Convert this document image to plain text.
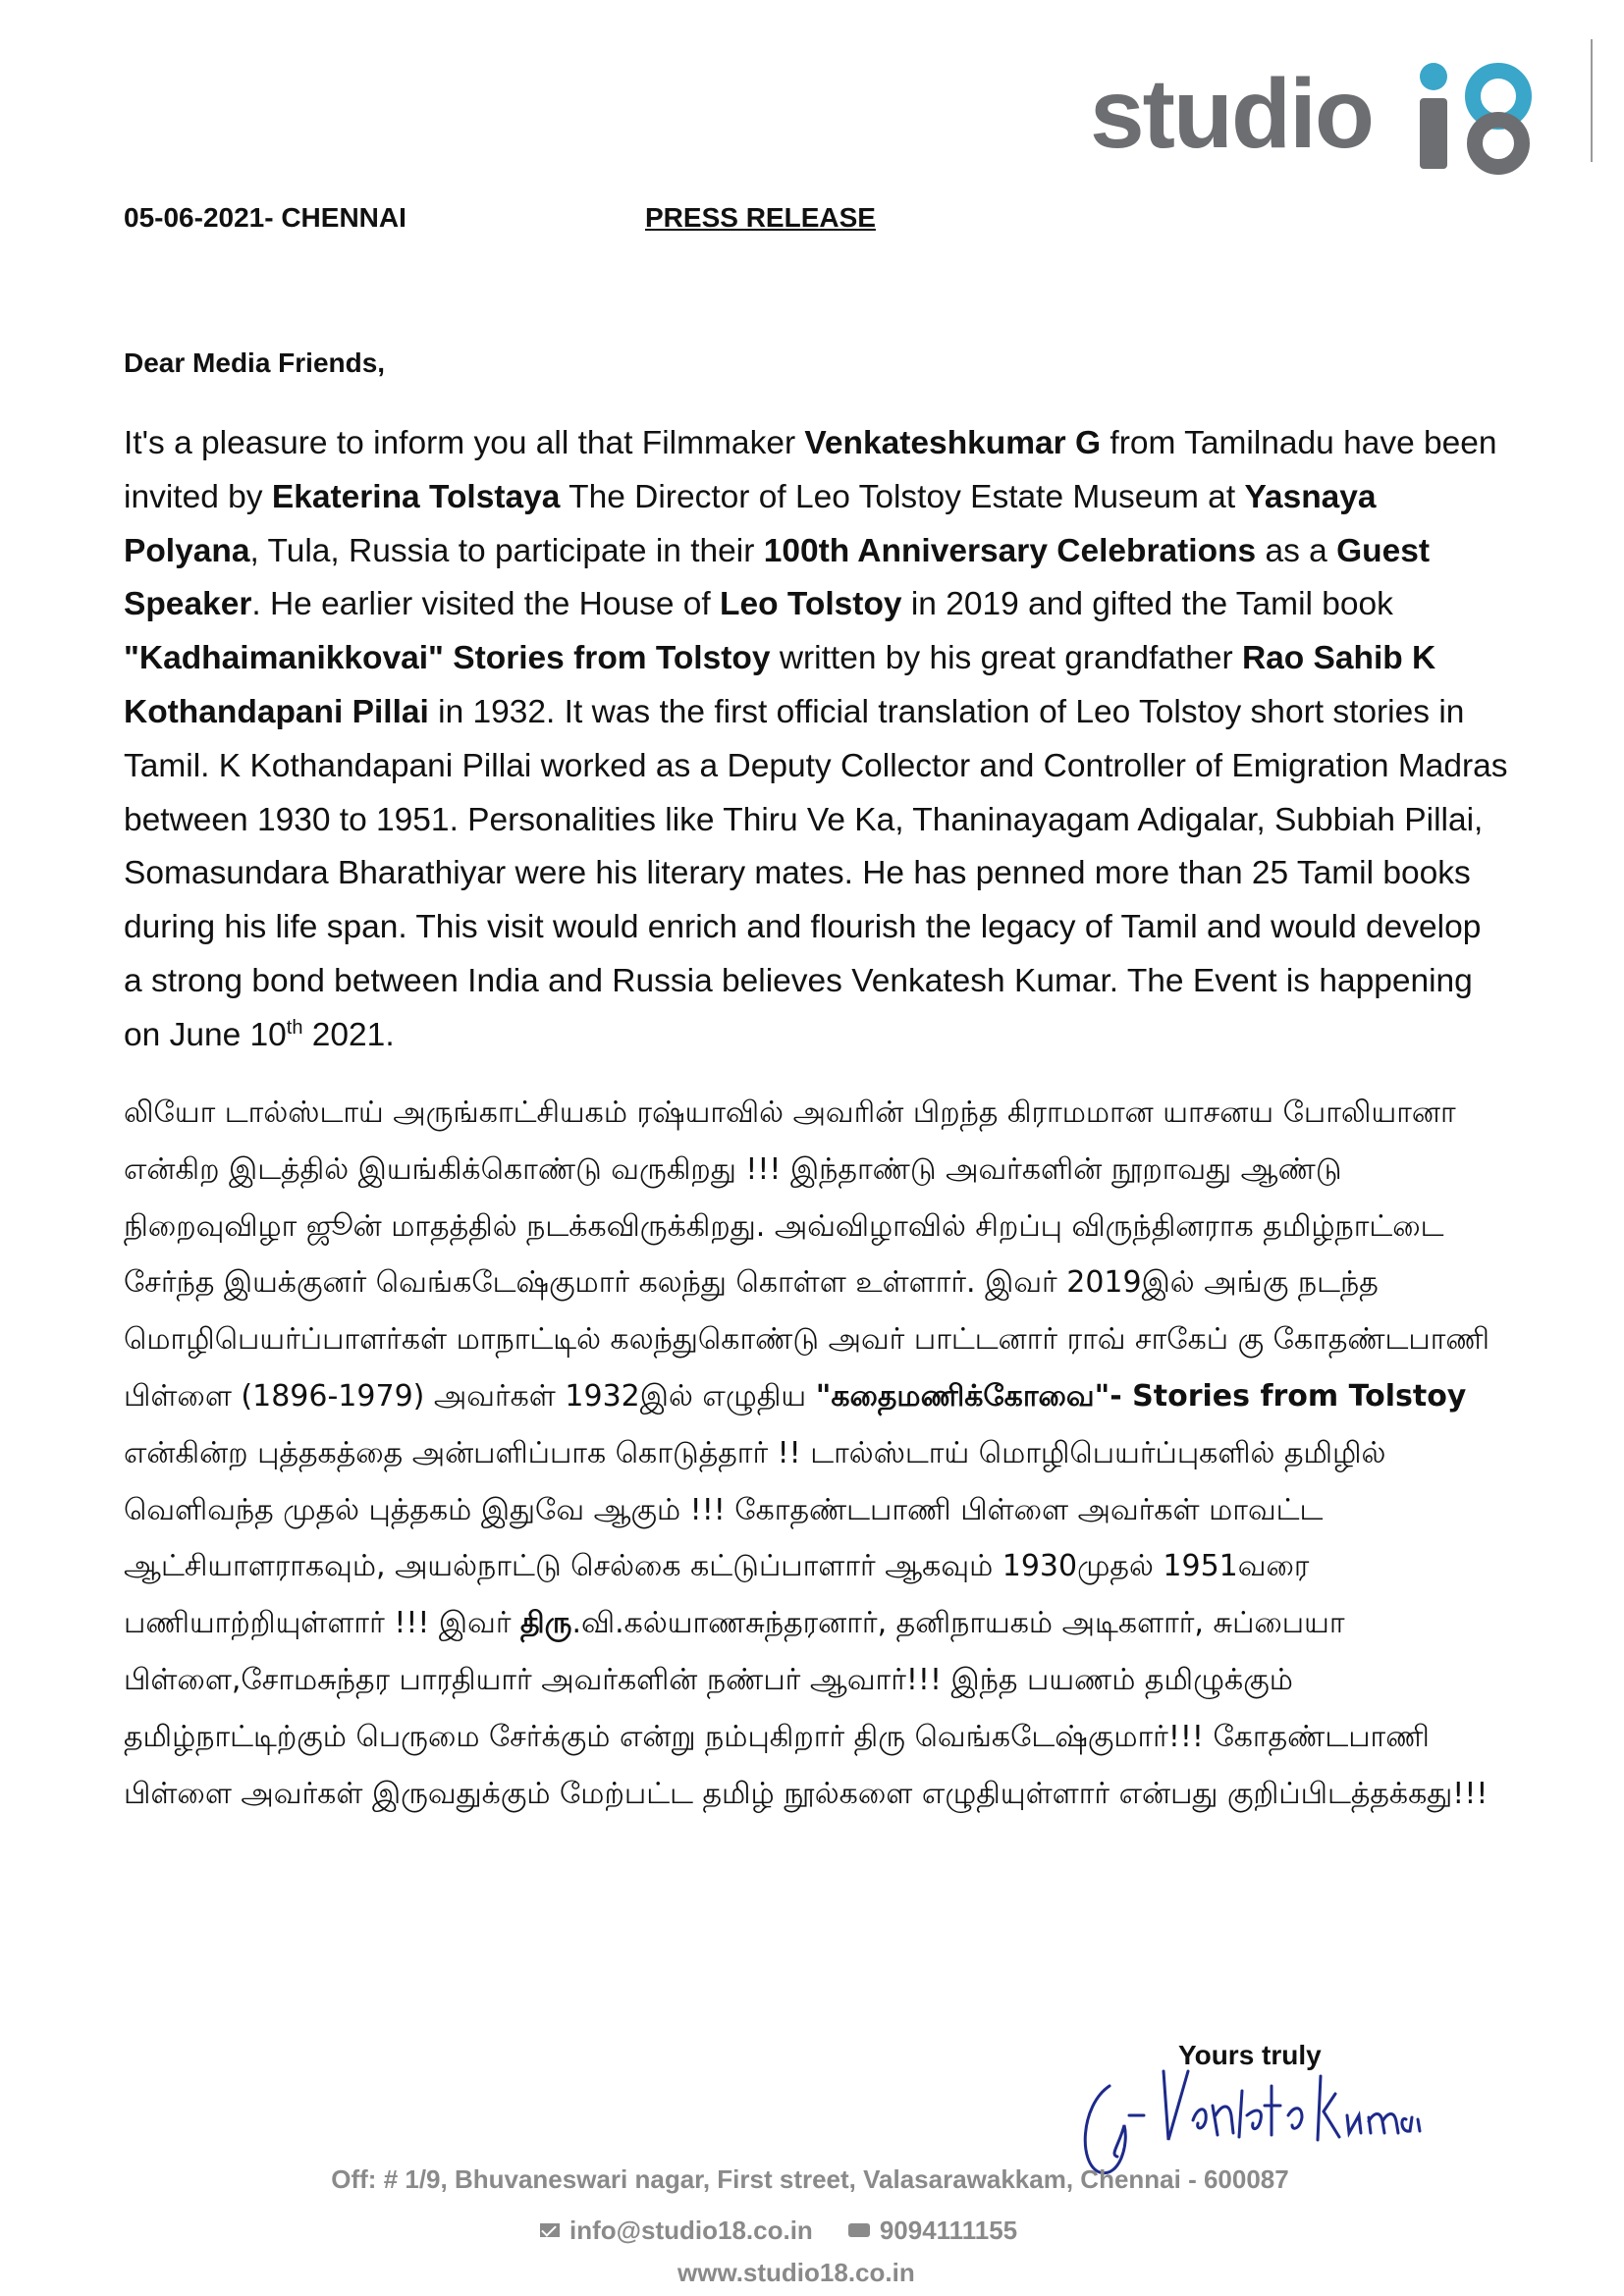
studio
05-06-2021- CHENNAI	PRESS RELEASE
Dear Media Friends,
It's a pleasure to inform you all that Filmmaker Venkateshkumar G from Tamilnadu have been invited by Ekaterina Tolstaya The Director of Leo Tolstoy Estate Museum at Yasnaya Polyana, Tula, Russia to participate in their 100th Anniversary Celebrations as a Guest Speaker. He earlier visited the House of Leo Tolstoy in 2019 and gifted the Tamil book "Kadhaimanikkovai" Stories from Tolstoy written by his great grandfather Rao Sahib K Kothandapani Pillai in 1932. It was the first official translation of Leo Tolstoy short stories in Tamil. K Kothandapani Pillai worked as a Deputy Collector and Controller of Emigration Madras between 1930 to 1951. Personalities like Thiru Ve Ka, Thaninayagam Adigalar, Subbiah Pillai, Somasundara Bharathiyar were his literary mates. He has penned more than 25 Tamil books during his life span. This visit would enrich and flourish the legacy of Tamil and would develop a strong bond between India and Russia believes Venkatesh Kumar. The Event is happening on June 10th 2021.
லியோ டால்ஸ்டாய் அருங்காட்சியகம் ரஷ்யாவில் அவரின் பிறந்த கிராமமான யாசனய போலியானா என்கிற இடத்தில் இயங்கிக்கொண்டு வருகிறது !!! இந்தாண்டு அவர்களின் நூறாவது ஆண்டு நிறைவுவிழா ஜூன் மாதத்தில் நடக்கவிருக்கிறது. அவ்விழாவில் சிறப்பு விருந்தினராக தமிழ்நாட்டை சேர்ந்த இயக்குனர் வெங்கடேஷ்குமார் கலந்து கொள்ள உள்ளார். இவர் 2019இல் அங்கு நடந்த மொழிபெயர்ப்பாளர்கள் மாநாட்டில் கலந்துகொண்டு அவர் பாட்டனார் ராவ் சாகேப் கு கோதண்டபாணி பிள்ளை (1896-1979) அவர்கள் 1932இல் எழுதிய "கதைமணிக்கோவை"- Stories from Tolstoy என்கின்ற புத்தகத்தை அன்பளிப்பாக கொடுத்தார் !! டால்ஸ்டாய் மொழிபெயர்ப்புகளில் தமிழில் வெளிவந்த முதல் புத்தகம் இதுவே ஆகும் !!! கோதண்டபாணி பிள்ளை அவர்கள் மாவட்ட ஆட்சியாளராகவும், அயல்நாட்டு செல்கை கட்டுப்பாளார் ஆகவும் 1930முதல் 1951வரை பணியாற்றியுள்ளார் !!! இவர் திரு.வி.கல்யாணசுந்தரனார், தனிநாயகம் அடிகளார், சுப்பையா பிள்ளை,சோமசுந்தர பாரதியார் அவர்களின் நண்பர் ஆவார்!!! இந்த பயணம் தமிழுக்கும் தமிழ்நாட்டிற்கும் பெருமை சேர்க்கும் என்று நம்புகிறார் திரு வெங்கடேஷ்குமார்!!! கோதண்டபாணி பிள்ளை அவர்கள் இருவதுக்கும் மேற்பட்ட தமிழ் நூல்களை எழுதியுள்ளார் என்பது குறிப்பிடத்தக்கது!!!
Yours truly
Off: # 1/9, Bhuvaneswari nagar, First street, Valasarawakkam, Chennai - 600087
info@studio18.co.in	9094111155
www.studio18.co.in
